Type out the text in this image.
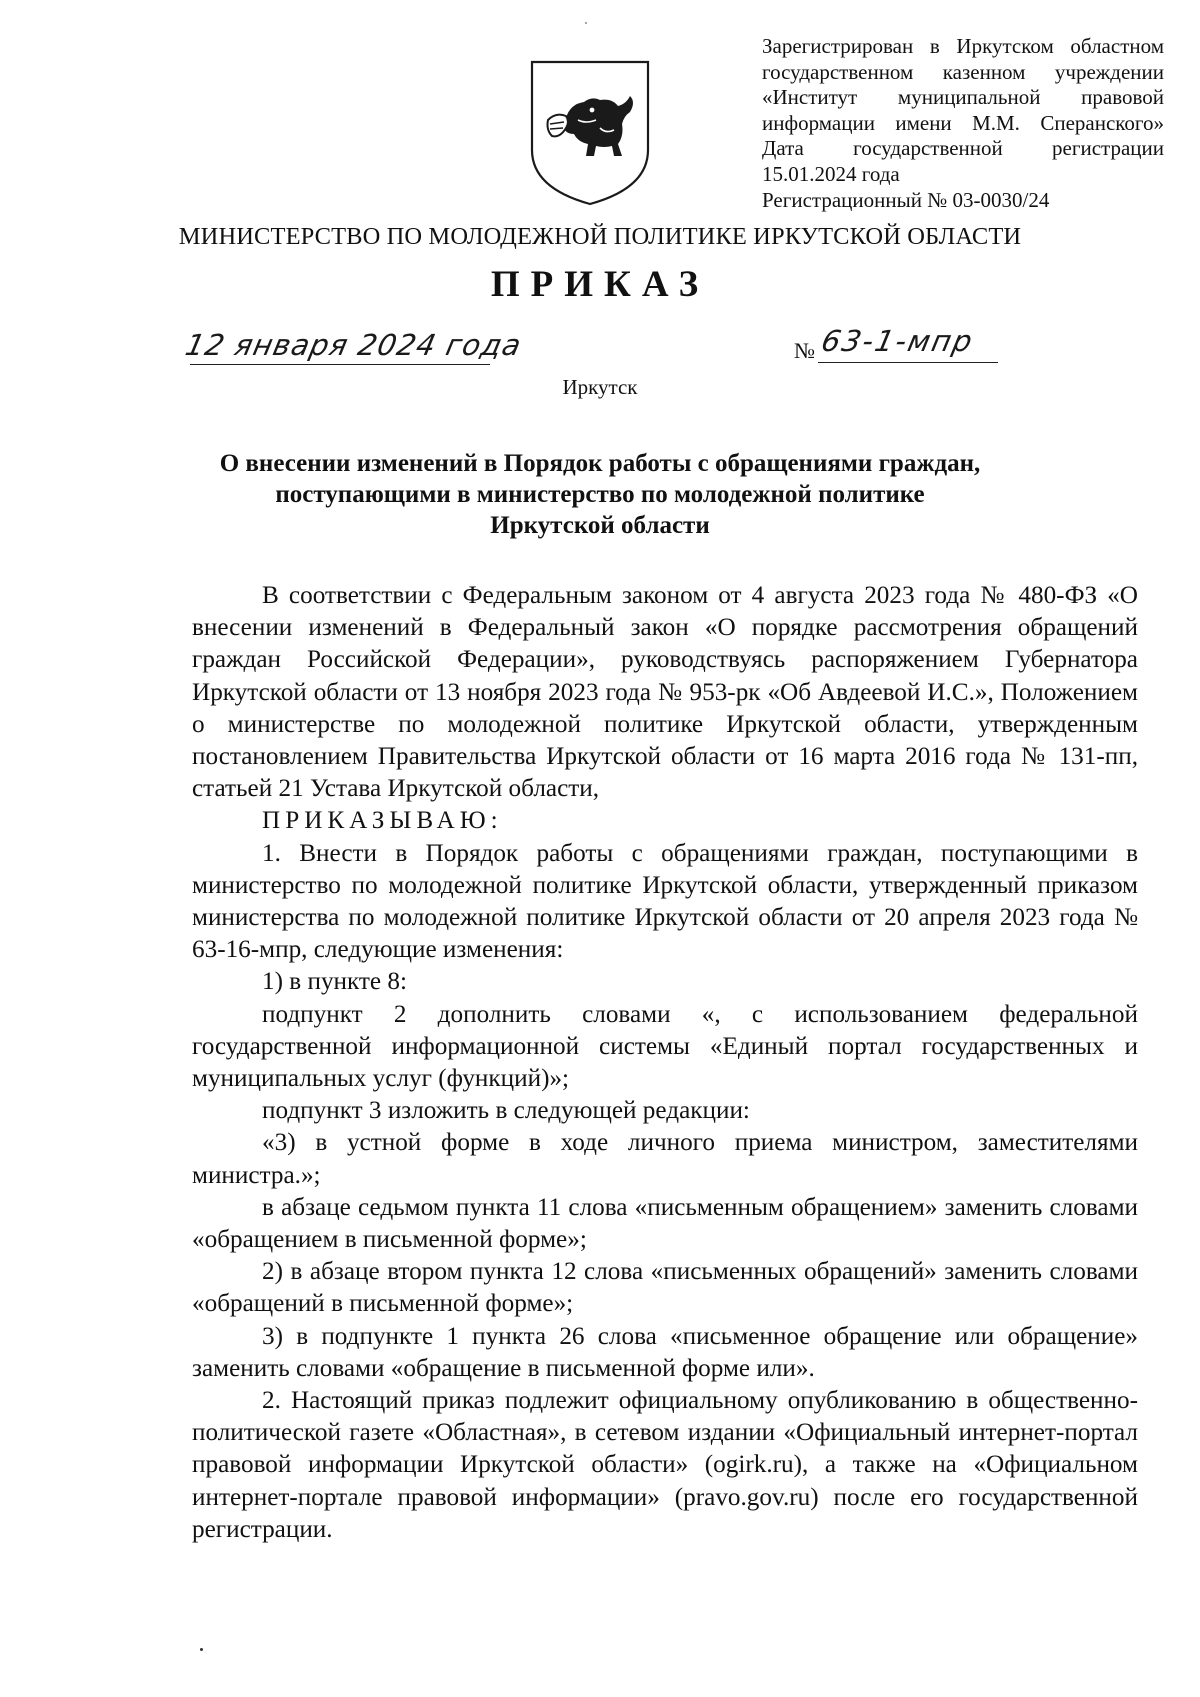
Зарегистрирован в Иркутском областном
государственном казенном учреждении
«Институт муниципальной правовой
информации имени М.М. Сперанского»
Дата государственной регистрации
15.01.2024 года
Регистрационный № 03-0030/24
МИНИСТЕРСТВО ПО МОЛОДЕЖНОЙ ПОЛИТИКЕ ИРКУТСКОЙ ОБЛАСТИ
ПРИКАЗ
12 января 2024 года	№ 63-1-мпр
Иркутск
О внесении изменений в Порядок работы с обращениями граждан,
поступающими в министерство по молодежной политике
Иркутской области

В соответствии с Федеральным законом от 4 августа 2023 года № 480-ФЗ «О внесении изменений в Федеральный закон «О порядке рассмотрения обращений граждан Российской Федерации», руководствуясь распоряжением Губернатора Иркутской области от 13 ноября 2023 года № 953-рк «Об Авдеевой И.С.», Положением о министерстве по молодежной политике Иркутской области, утвержденным постановлением Правительства Иркутской области от 16 марта 2016 года № 131-пп, статьей 21 Устава Иркутской области,

ПРИКАЗЫВАЮ:

1. Внести в Порядок работы с обращениями граждан, поступающими в министерство по молодежной политике Иркутской области, утвержденный приказом министерства по молодежной политике Иркутской области от 20 апреля 2023 года № 63-16-мпр, следующие изменения:

1) в пункте 8:

подпункт 2 дополнить словами «, с использованием федеральной государственной информационной системы «Единый портал государственных и муниципальных услуг (функций)»;

подпункт 3 изложить в следующей редакции:

«3) в устной форме в ходе личного приема министром, заместителями министра.»;

в абзаце седьмом пункта 11 слова «письменным обращением» заменить словами «обращением в письменной форме»;

2) в абзаце втором пункта 12 слова «письменных обращений» заменить словами «обращений в письменной форме»;

3) в подпункте 1 пункта 26 слова «письменное обращение или обращение» заменить словами «обращение в письменной форме или».

2. Настоящий приказ подлежит официальному опубликованию в общественно-политической газете «Областная», в сетевом издании «Официальный интернет-портал правовой информации Иркутской области» (ogirk.ru), а также на «Официальном интернет-портале правовой информации» (pravo.gov.ru) после его государственной регистрации.
